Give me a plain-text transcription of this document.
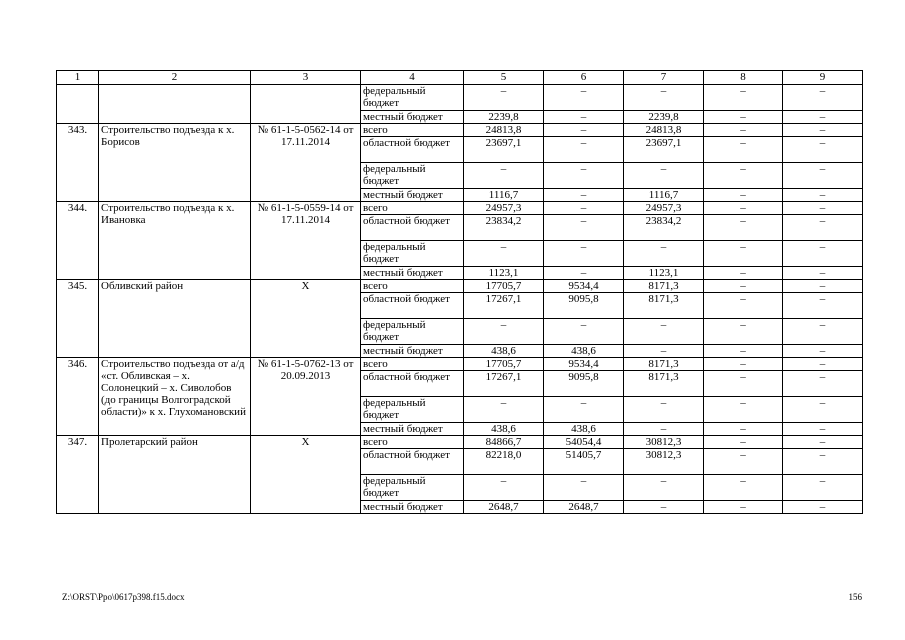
1	2	3	4	5	6	7	8	9
			федеральный бюджет	–	–	–	–	–
			местный бюджет	2239,8	–	2239,8	–	–
343.	Строительство подъезда к х. Борисов	№ 61-1-5-0562-14 от 17.11.2014	всего	24813,8	–	24813,8	–	–
			областной бюджет	23697,1	–	23697,1	–	–
			федеральный бюджет	–	–	–	–	–
			местный бюджет	1116,7	–	1116,7	–	–
344.	Строительство подъезда к х. Ивановка	№ 61-1-5-0559-14 от 17.11.2014	всего	24957,3	–	24957,3	–	–
			областной бюджет	23834,2	–	23834,2	–	–
			федеральный бюджет	–	–	–	–	–
			местный бюджет	1123,1	–	1123,1	–	–
345.	Обливский район	Х	всего	17705,7	9534,4	8171,3	–	–
			областной бюджет	17267,1	9095,8	8171,3	–	–
			федеральный бюджет	–	–	–	–	–
			местный бюджет	438,6	438,6	–	–	–
346.	Строительство подъезда от а/д «ст. Обливская – х. Солонецкий – х. Сиволобов (до границы Волгоградской области)» к х. Глухомановский	№ 61-1-5-0762-13 от 20.09.2013	всего	17705,7	9534,4	8171,3	–	–
			областной бюджет	17267,1	9095,8	8171,3	–	–
			федеральный бюджет	–	–	–	–	–
			местный бюджет	438,6	438,6	–	–	–
347.	Пролетарский район	Х	всего	84866,7	54054,4	30812,3	–	–
			областной бюджет	82218,0	51405,7	30812,3	–	–
			федеральный бюджет	–	–	–	–	–
			местный бюджет	2648,7	2648,7	–	–	–
Z:\ORST\Ppo\0617p398.f15.docx	156
